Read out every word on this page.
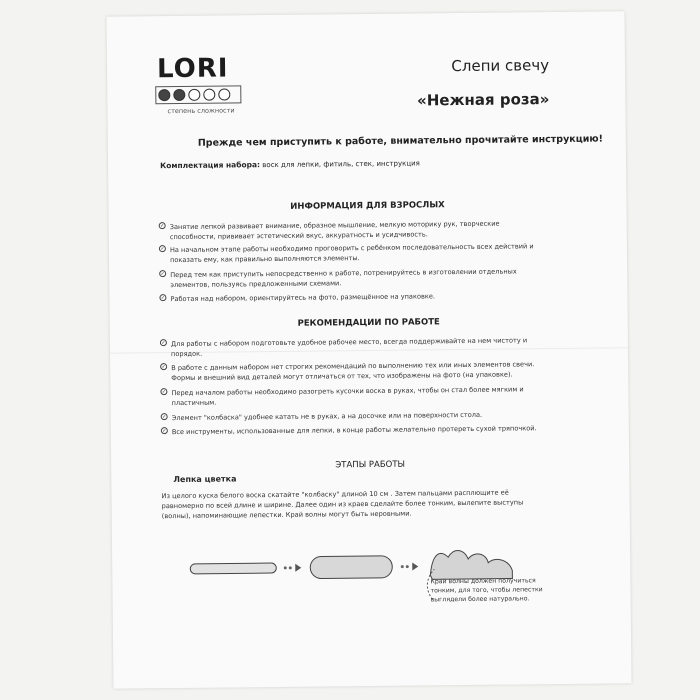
LORI
степень сложности
Слепи свечу
«Нежная роза»
Прежде чем приступить к работе, внимательно прочитайте инструкцию!
Комплектация набора: воск для лепки, фитиль, стек, инструкция
ИНФОРМАЦИЯ ДЛЯ ВЗРОСЛЫХ
✓ Занятие лепкой развивает внимание, образное мышление, мелкую моторику рук, творческие способности, прививает эстетический вкус, аккуратность и усидчивость.
✓ На начальном этапе работы необходимо проговорить с ребёнком последовательность всех действий и показать ему, как правильно выполняются элементы.
✓ Перед тем как приступить непосредственно к работе, потренируйтесь в изготовлении отдельных элементов, пользуясь предложенными схемами.
✓ Работая над набором, ориентируйтесь на фото, размещённое на упаковке.
РЕКОМЕНДАЦИИ ПО РАБОТЕ
✓ Для работы с набором подготовьте удобное рабочее место, всегда поддерживайте на нем чистоту и порядок.
✓ В работе с данным набором нет строгих рекомендаций по выполнению тех или иных элементов свечи. Формы и внешний вид деталей могут отличаться от тех, что изображены на фото (на упаковке).
✓ Перед началом работы необходимо разогреть кусочки воска в руках, чтобы он стал более мягким и пластичным.
✓ Элемент "колбаска" удобнее катать не в руках, а на досочке или на поверхности стола.
✓ Все инструменты, использованные для лепки, в конце работы желательно протереть сухой тряпочкой.
ЭТАПЫ РАБОТЫ
Лепка цветка
Из целого куска белого воска скатайте "колбаску" длиной 10 см . Затем пальцами расплющите её равномерно по всей длине и ширине. Далее один из краев сделайте более тонким, вылепите выступы (волны), напоминающие лепестки. Край волны могут быть неровными.
Край волны должен получиться тонким, для того, чтобы лепестки выглядели более натурально.
